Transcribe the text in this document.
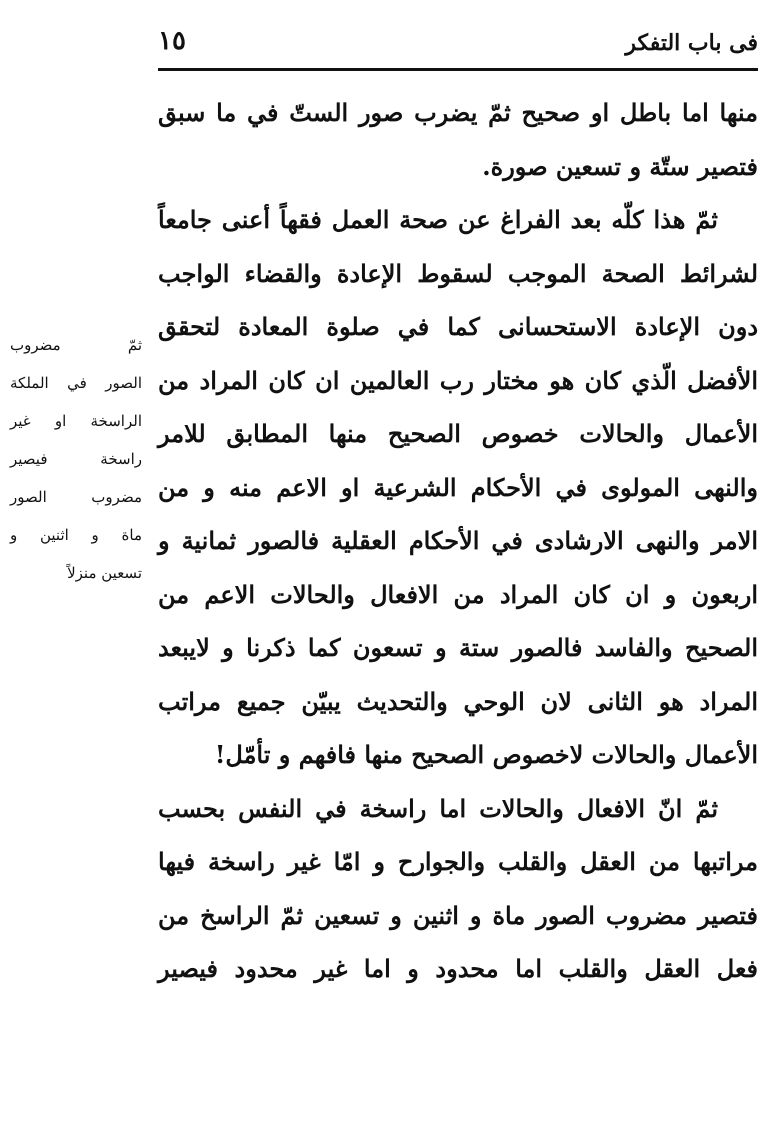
فی باب التفکر
١٥
منها اما باطل او صحيح ثمّ يضرب صور الستّ في ما سبق
فتصير ستّة و تسعين صورة.
ثمّ هذا كلّه بعد الفراغ عن صحة العمل فقهاً أعنى جامعاً
لشرائط الصحة الموجب لسقوط الإعادة والقضاء الواجب
دون الإعادة الاستحسانى كما في صلوة المعادة لتحقق
الأفضل الّذي كان هو مختار رب العالمين ان كان المراد من
الأعمال والحالات خصوص الصحيح منها المطابق للامر
والنهى المولوى في الأحكام الشرعية او الاعم منه و من
الامر والنهى الارشادى في الأحكام العقلية فالصور ثمانية و
اربعون و ان كان المراد من الافعال والحالات الاعم من
الصحيح والفاسد فالصور ستة و تسعون كما ذكرنا و لايبعد
المراد هو الثانى لان الوحي والتحديث يبيّن جميع مراتب
الأعمال والحالات لاخصوص الصحيح منها فافهم و تأمّل!
ثمّ انّ الافعال والحالات اما راسخة في النفس بحسب
مراتبها من العقل والقلب والجوارح و امّا غير راسخة فيها
فتصير مضروب الصور ماة و اثنين و تسعين ثمّ الراسخ من
فعل العقل والقلب اما محدود و اما غير محدود فيصير
ثمّ مضروب
الصور في الملكة
الراسخة او غير
راسخة فيصير
مضروب الصور
ماة و اثنين و
تسعين منزلاً
